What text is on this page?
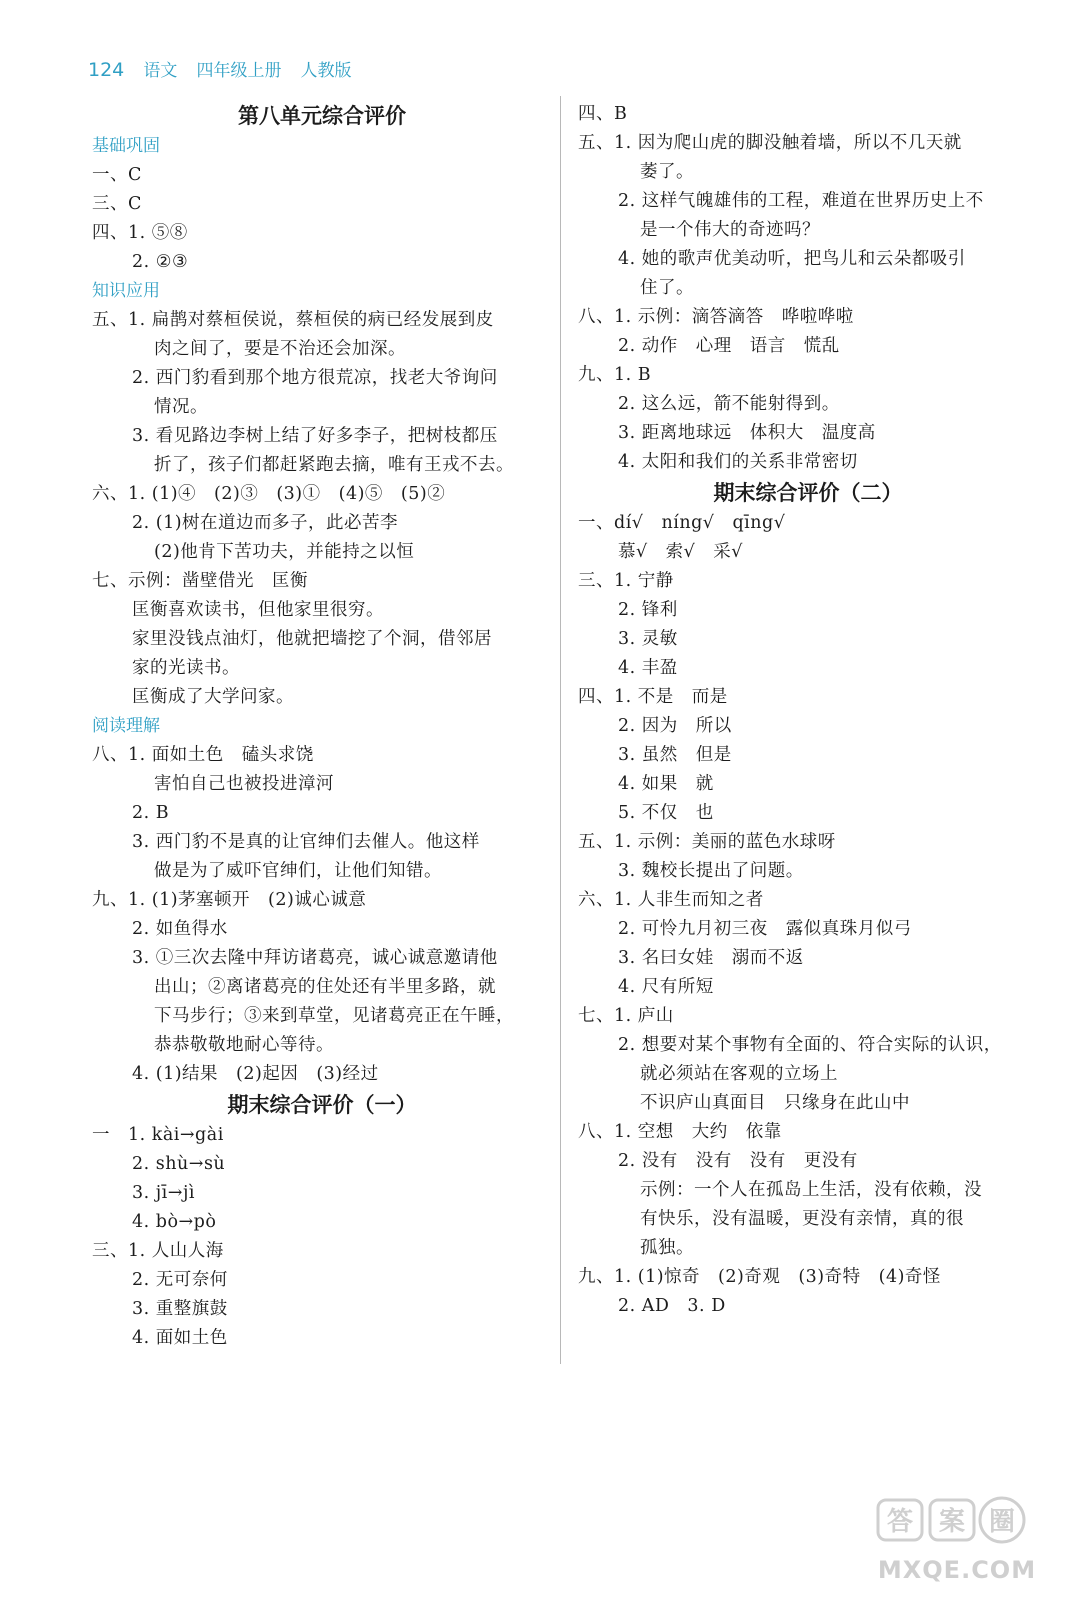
124 语文 四年级上册 人教版
第八单元综合评价
基础巩固
一、C
三、C
四、1. ⑤⑧
2. ②③
知识应用
五、1. 扁鹊对蔡桓侯说，蔡桓侯的病已经发展到皮
肉之间了，要是不治还会加深。
2. 西门豹看到那个地方很荒凉，找老大爷询问
情况。
3. 看见路边李树上结了好多李子，把树枝都压
折了，孩子们都赶紧跑去摘，唯有王戎不去。
六、1. (1)④　(2)③　(3)①　(4)⑤　(5)②
2. (1)树在道边而多子，此必苦李
(2)他肯下苦功夫，并能持之以恒
七、示例：凿壁借光　匡衡
匡衡喜欢读书，但他家里很穷。
家里没钱点油灯，他就把墙挖了个洞，借邻居
家的光读书。
匡衡成了大学问家。
阅读理解
八、1. 面如土色　磕头求饶
害怕自己也被投进漳河
2. B
3. 西门豹不是真的让官绅们去催人。他这样
做是为了威吓官绅们，让他们知错。
九、1. (1)茅塞顿开　(2)诚心诚意
2. 如鱼得水
3. ①三次去隆中拜访诸葛亮，诚心诚意邀请他
出山；②离诸葛亮的住处还有半里多路，就
下马步行；③来到草堂，见诸葛亮正在午睡，
恭恭敬敬地耐心等待。
4. (1)结果　(2)起因　(3)经过
期末综合评价（一）
一　1. kài→gài
2. shù→sù
3. jī→jì
4. bò→pò
三、1. 人山人海
2. 无可奈何
3. 重整旗鼓
4. 面如土色
四、B
五、1. 因为爬山虎的脚没触着墙，所以不几天就
萎了。
2. 这样气魄雄伟的工程，难道在世界历史上不
是一个伟大的奇迹吗？
4. 她的歌声优美动听，把鸟儿和云朵都吸引
住了。
八、1. 示例：滴答滴答　哗啦哗啦
2. 动作　心理　语言　慌乱
九、1. B
2. 这么远，箭不能射得到。
3. 距离地球远　体积大　温度高
4. 太阳和我们的关系非常密切
期末综合评价（二）
一、dí√　níng√　qīng√
慕√　索√　采√
三、1. 宁静
2. 锋利
3. 灵敏
4. 丰盈
四、1. 不是　而是
2. 因为　所以
3. 虽然　但是
4. 如果　就
5. 不仅　也
五、1. 示例：美丽的蓝色水球呀
3. 魏校长提出了问题。
六、1. 人非生而知之者
2. 可怜九月初三夜　露似真珠月似弓
3. 名曰女娃　溺而不返
4. 尺有所短
七、1. 庐山
2. 想要对某个事物有全面的、符合实际的认识，
就必须站在客观的立场上
不识庐山真面目　只缘身在此山中
八、1. 空想　大约　依靠
2. 没有　没有　没有　更没有
示例：一个人在孤岛上生活，没有依赖，没
有快乐，没有温暖，更没有亲情，真的很
孤独。
九、1. (1)惊奇　(2)奇观　(3)奇特　(4)奇怪
2. AD　3. D
答 案 圈
MXQE.COM
